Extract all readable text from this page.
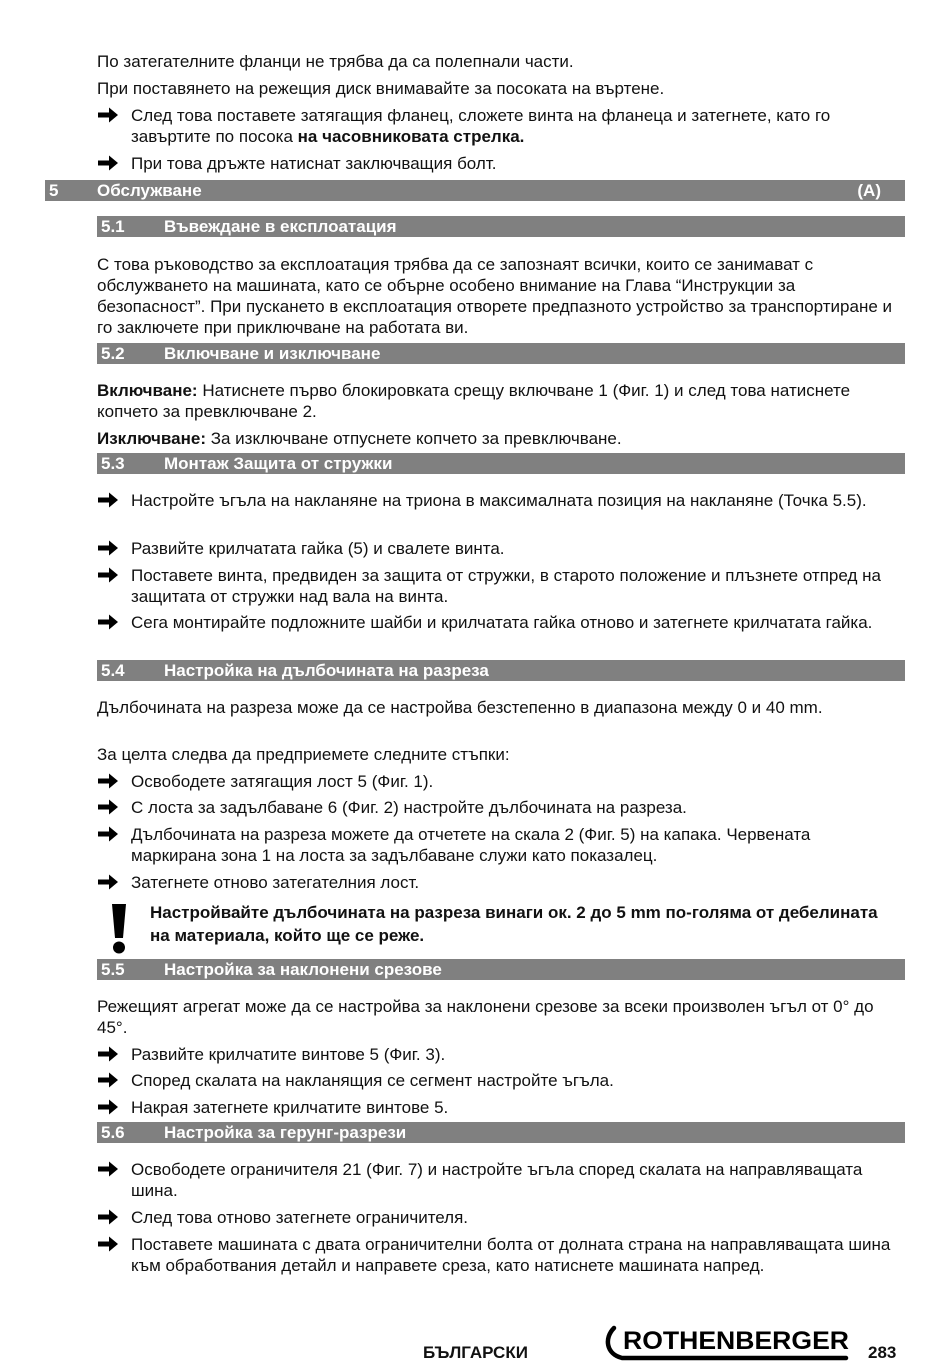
По затегателните фланци не трябва да са полепнали части.
При поставянето на режещия диск внимавайте за посоката на въртене.
След това поставете затягащия фланец, сложете винта на фланеца и затегнете, като го завъртите по посока на часовниковата стрелка.
При това дръжте натиснат заключващия болт.
5 Обслужване	(A)
5.1 Въвеждане в експлоатация
С това ръководство за експлоатация трябва да се запознаят всички, които се занимават с обслужването на машината, като се обърне особено внимание на Глава “Инструкции за безопасност”. При пускането в експлоатация отворете предпазното устройство за транспортиране и го заключете при приключване на работата ви.
5.2 Включване и изключване
Включване: Натиснете първо блокировката срещу включване 1 (Фиг. 1) и след това натиснете копчето за превключване 2.
Изключване: За изключване отпуснете копчето за превключване.
5.3 Монтаж Защита от стружки
Настройте ъгъла на накланяне на триона в максималната позиция на накланяне (Точка 5.5).
Развийте крилчатата гайка (5) и свалете винта.
Поставете винта, предвиден за защита от стружки, в старото положение и плъзнете отпред на защитата от стружки над вала на винта.
Сега монтирайте подложните шайби и крилчатата гайка отново и затегнете крилчатата гайка.
5.4 Настройка на дълбочината на разреза
Дълбочината на разреза може да се настройва безстепенно в диапазона между 0 и 40 mm.
За целта следва да предприемете следните стъпки:
Освободете затягащия лост 5 (Фиг. 1).
С лоста за задълбаване 6 (Фиг. 2) настройте дълбочината на разреза.
Дълбочината на разреза можете да отчетете на скала 2 (Фиг. 5) на капака. Червената маркирана зона 1 на лоста за задълбаване служи като показалец.
Затегнете отново затегателния лост.
Настройвайте дълбочината на разреза винаги ок. 2 до 5 mm по-голяма от дебелината на материала, който ще се реже.
5.5 Настройка за наклонени срезове
Режещият агрегат може да се настройва за наклонени срезове за всеки произволен ъгъл от 0° до 45°.
Развийте крилчатите винтове 5 (Фиг. 3).
Според скалата на накланящия се сегмент настройте ъгъла.
Накрая затегнете крилчатите винтове 5.
5.6 Настройка за герунг-разрези
Освободете ограничителя 21 (Фиг. 7) и настройте ъгъла според скалата на направляващата шина.
След това отново затегнете ограничителя.
Поставете машината с двата ограничителни болта от долната страна на направляващата шина към обработвания детайл и направете среза, като натиснете машината напред.
БЪЛГАРСКИ	ROTHENBERGER 283
